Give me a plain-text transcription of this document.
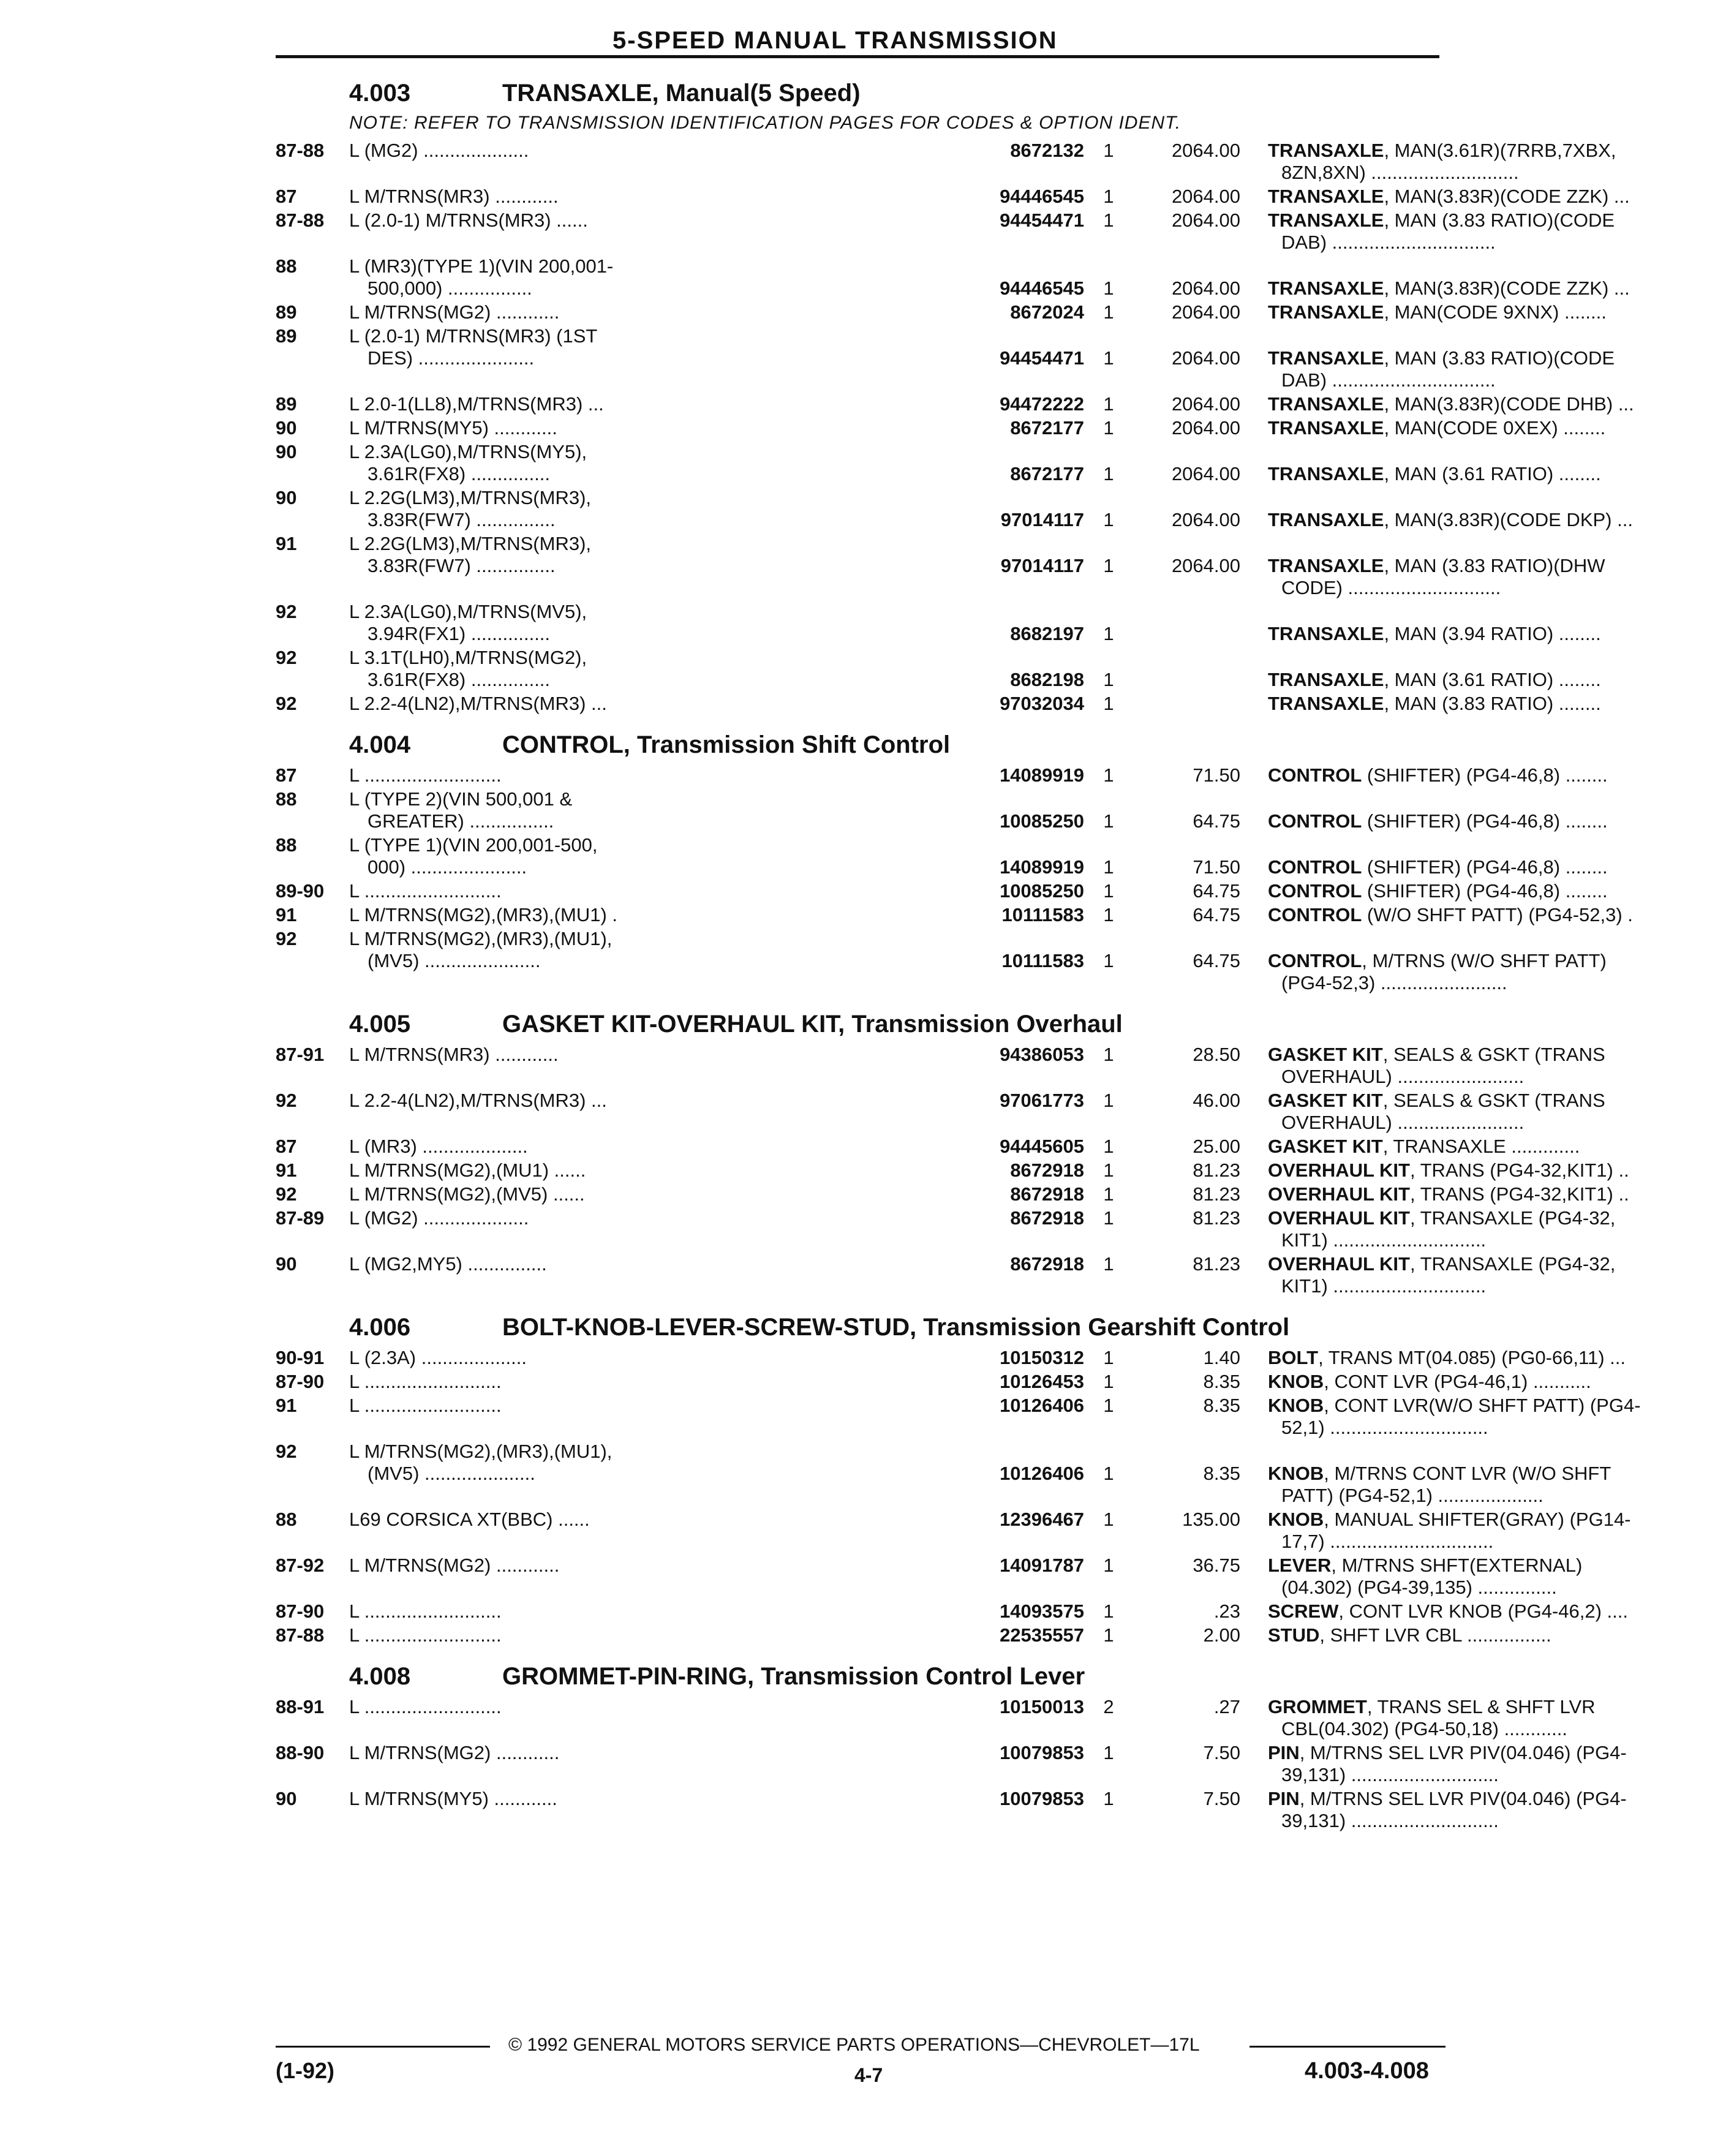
5-SPEED MANUAL TRANSMISSION
4.003	TRANSAXLE, Manual(5 Speed)
NOTE: REFER TO TRANSMISSION IDENTIFICATION PAGES FOR CODES & OPTION IDENT.
87-88	L (MG2) ....................	8672132	1	2064.00 TRANSAXLE, MAN(3.61R)(7RRB,7XBX,
8ZN,8XN) ............................
87	L M/TRNS(MR3) ............	94446545	1	2064.00 TRANSAXLE, MAN(3.83R)(CODE ZZK) ...
87-88	L (2.0-1) M/TRNS(MR3) ......	94454471	1	2064.00 TRANSAXLE, MAN (3.83 RATIO)(CODE
DAB) ...............................
88	L (MR3)(TYPE 1)(VIN 200,001-
500,000) ................	94446545	1	2064.00
TRANSAXLE, MAN(3.83R)(CODE ZZK) ...
89	L M/TRNS(MG2) ............	8672024	1	2064.00 TRANSAXLE, MAN(CODE 9XNX) ........
89	L (2.0-1) M/TRNS(MR3) (1ST
DES) ......................	94454471	1	2064.00
TRANSAXLE, MAN (3.83 RATIO)(CODE
DAB) ...............................
89	L 2.0-1(LL8),M/TRNS(MR3) ...	94472222	1	2064.00 TRANSAXLE, MAN(3.83R)(CODE DHB) ...
90	L M/TRNS(MY5) ............	8672177	1	2064.00 TRANSAXLE, MAN(CODE 0XEX) ........
90	L 2.3A(LG0),M/TRNS(MY5),
3.61R(FX8) ...............	8672177	1	2064.00
TRANSAXLE, MAN (3.61 RATIO) ........
90	L 2.2G(LM3),M/TRNS(MR3),
3.83R(FW7) ...............	97014117	1	2064.00
TRANSAXLE, MAN(3.83R)(CODE DKP) ...
91	L 2.2G(LM3),M/TRNS(MR3),
3.83R(FW7) ...............	97014117	1	2064.00
TRANSAXLE, MAN (3.83 RATIO)(DHW
CODE) .............................
92	L 2.3A(LG0),M/TRNS(MV5),
3.94R(FX1) ...............	8682197	1
	TRANSAXLE, MAN (3.94 RATIO) ........
92	L 3.1T(LH0),M/TRNS(MG2),
3.61R(FX8) ...............	8682198	1
	TRANSAXLE, MAN (3.61 RATIO) ........
92	L 2.2-4(LN2),M/TRNS(MR3) ...	97032034	1	TRANSAXLE, MAN (3.83 RATIO) ........
4.004	CONTROL, Transmission Shift Control
87	L ..........................	14089919	1	71.50 CONTROL (SHIFTER) (PG4-46,8) ........
88	L (TYPE 2)(VIN 500,001 &
GREATER) ................	10085250	1	64.75
CONTROL (SHIFTER) (PG4-46,8) ........
88	L (TYPE 1)(VIN 200,001-500,
000) ......................	14089919	1	71.50
CONTROL (SHIFTER) (PG4-46,8) ........
89-90	L ..........................	10085250	1	64.75 CONTROL (SHIFTER) (PG4-46,8) ........
91	L M/TRNS(MG2),(MR3),(MU1) .	10111583	1	64.75 CONTROL (W/O SHFT PATT) (PG4-52,3) .
92	L M/TRNS(MG2),(MR3),(MU1),
(MV5) ......................	10111583	1	64.75
CONTROL, M/TRNS (W/O SHFT PATT)
(PG4-52,3) ........................
4.005	GASKET KIT-OVERHAUL KIT, Transmission Overhaul
87-91	L M/TRNS(MR3) ............	94386053	1	28.50 GASKET KIT, SEALS & GSKT (TRANS
OVERHAUL) ........................
92	L 2.2-4(LN2),M/TRNS(MR3) ...	97061773	1	46.00 GASKET KIT, SEALS & GSKT (TRANS
OVERHAUL) ........................
87	L (MR3) ....................	94445605	1	25.00 GASKET KIT, TRANSAXLE .............
91	L M/TRNS(MG2),(MU1) ......	8672918	1	81.23 OVERHAUL KIT, TRANS (PG4-32,KIT1) ..
92	L M/TRNS(MG2),(MV5) ......	8672918	1	81.23 OVERHAUL KIT, TRANS (PG4-32,KIT1) ..
87-89	L (MG2) ....................	8672918	1	81.23 OVERHAUL KIT, TRANSAXLE (PG4-32,
KIT1) .............................
90	L (MG2,MY5) ...............	8672918	1	81.23 OVERHAUL KIT, TRANSAXLE (PG4-32,
KIT1) .............................
4.006	BOLT-KNOB-LEVER-SCREW-STUD, Transmission Gearshift Control
90-91	L (2.3A) ....................	10150312	1	1.40 BOLT, TRANS MT(04.085) (PG0-66,11) ...
87-90	L ..........................	10126453	1	8.35 KNOB, CONT LVR (PG4-46,1) ...........
91	L ..........................	10126406	1	8.35 KNOB, CONT LVR(W/O SHFT PATT) (PG4-
52,1) ..............................
92	L M/TRNS(MG2),(MR3),(MU1),
(MV5) .....................	10126406	1	8.35
KNOB, M/TRNS CONT LVR (W/O SHFT
PATT) (PG4-52,1) ....................
88	L69 CORSICA XT(BBC) ......	12396467	1	135.00 KNOB, MANUAL SHIFTER(GRAY) (PG14-
17,7) ...............................
87-92	L M/TRNS(MG2) ............	14091787	1	36.75 LEVER, M/TRNS SHFT(EXTERNAL)
(04.302) (PG4-39,135) ...............
87-90	L ..........................	14093575	1	.23 SCREW, CONT LVR KNOB (PG4-46,2) ....
87-88	L ..........................	22535557	1	2.00 STUD, SHFT LVR CBL ................
4.008	GROMMET-PIN-RING, Transmission Control Lever
88-91	L ..........................	10150013	2	.27 GROMMET, TRANS SEL & SHFT LVR
CBL(04.302) (PG4-50,18) ............
88-90	L M/TRNS(MG2) ............	10079853	1	7.50 PIN, M/TRNS SEL LVR PIV(04.046) (PG4-
39,131) ............................
90	L M/TRNS(MY5) ............	10079853	1	7.50 PIN, M/TRNS SEL LVR PIV(04.046) (PG4-
39,131) ............................
© 1992 GENERAL MOTORS SERVICE PARTS OPERATIONS—CHEVROLET—17L
(1-92)	4-7	4.003-4.008
